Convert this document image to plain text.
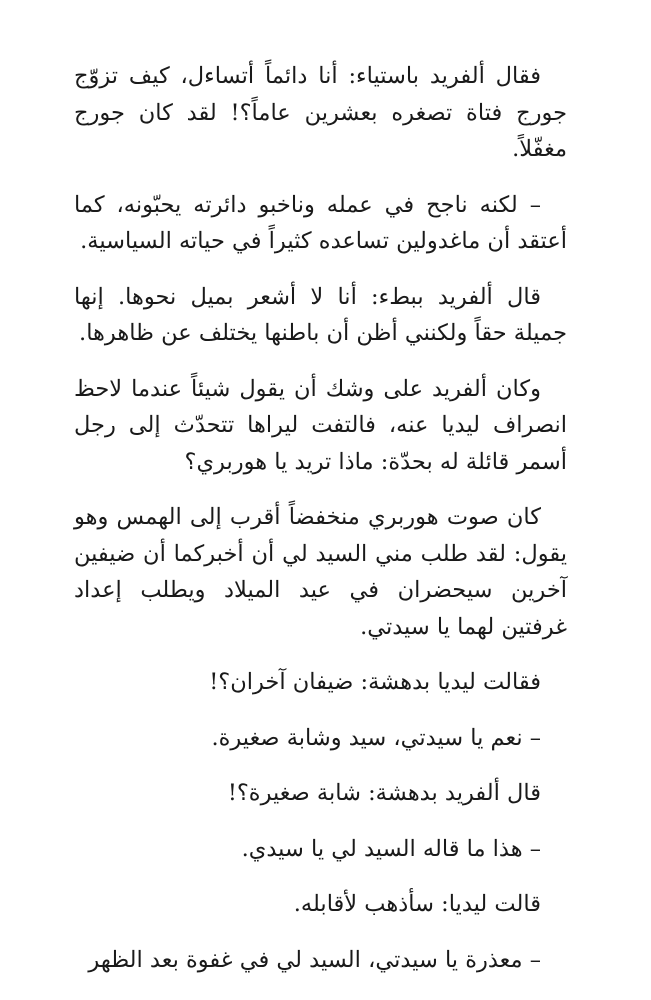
فقال ألفريد باستياء: أنا دائماً أتساءل، كيف تزوّج جورج فتاة تصغره بعشرين عاماً؟! لقد كان جورج مغفّلاً.

– لكنه ناجح في عمله وناخبو دائرته يحبّونه، كما أعتقد أن ماغدولين تساعده كثيراً في حياته السياسية.

قال ألفريد ببطء: أنا لا أشعر بميل نحوها. إنها جميلة حقاً ولكنني أظن أن باطنها يختلف عن ظاهرها.

وكان ألفريد على وشك أن يقول شيئاً عندما لاحظ انصراف ليديا عنه، فالتفت ليراها تتحدّث إلى رجل أسمر قائلة له بحدّة: ماذا تريد يا هوربري؟

كان صوت هوربري منخفضاً أقرب إلى الهمس وهو يقول: لقد طلب مني السيد لي أن أخبركما أن ضيفين آخرين سيحضران في عيد الميلاد ويطلب إعداد غرفتين لهما يا سيدتي.

فقالت ليديا بدهشة: ضيفان آخران؟!

– نعم يا سيدتي، سيد وشابة صغيرة.

قال ألفريد بدهشة: شابة صغيرة؟!

– هذا ما قاله السيد لي يا سيدي.

قالت ليديا: سأذهب لأقابله.

– معذرة يا سيدتي، السيد لي في غفوة بعد الظهر
